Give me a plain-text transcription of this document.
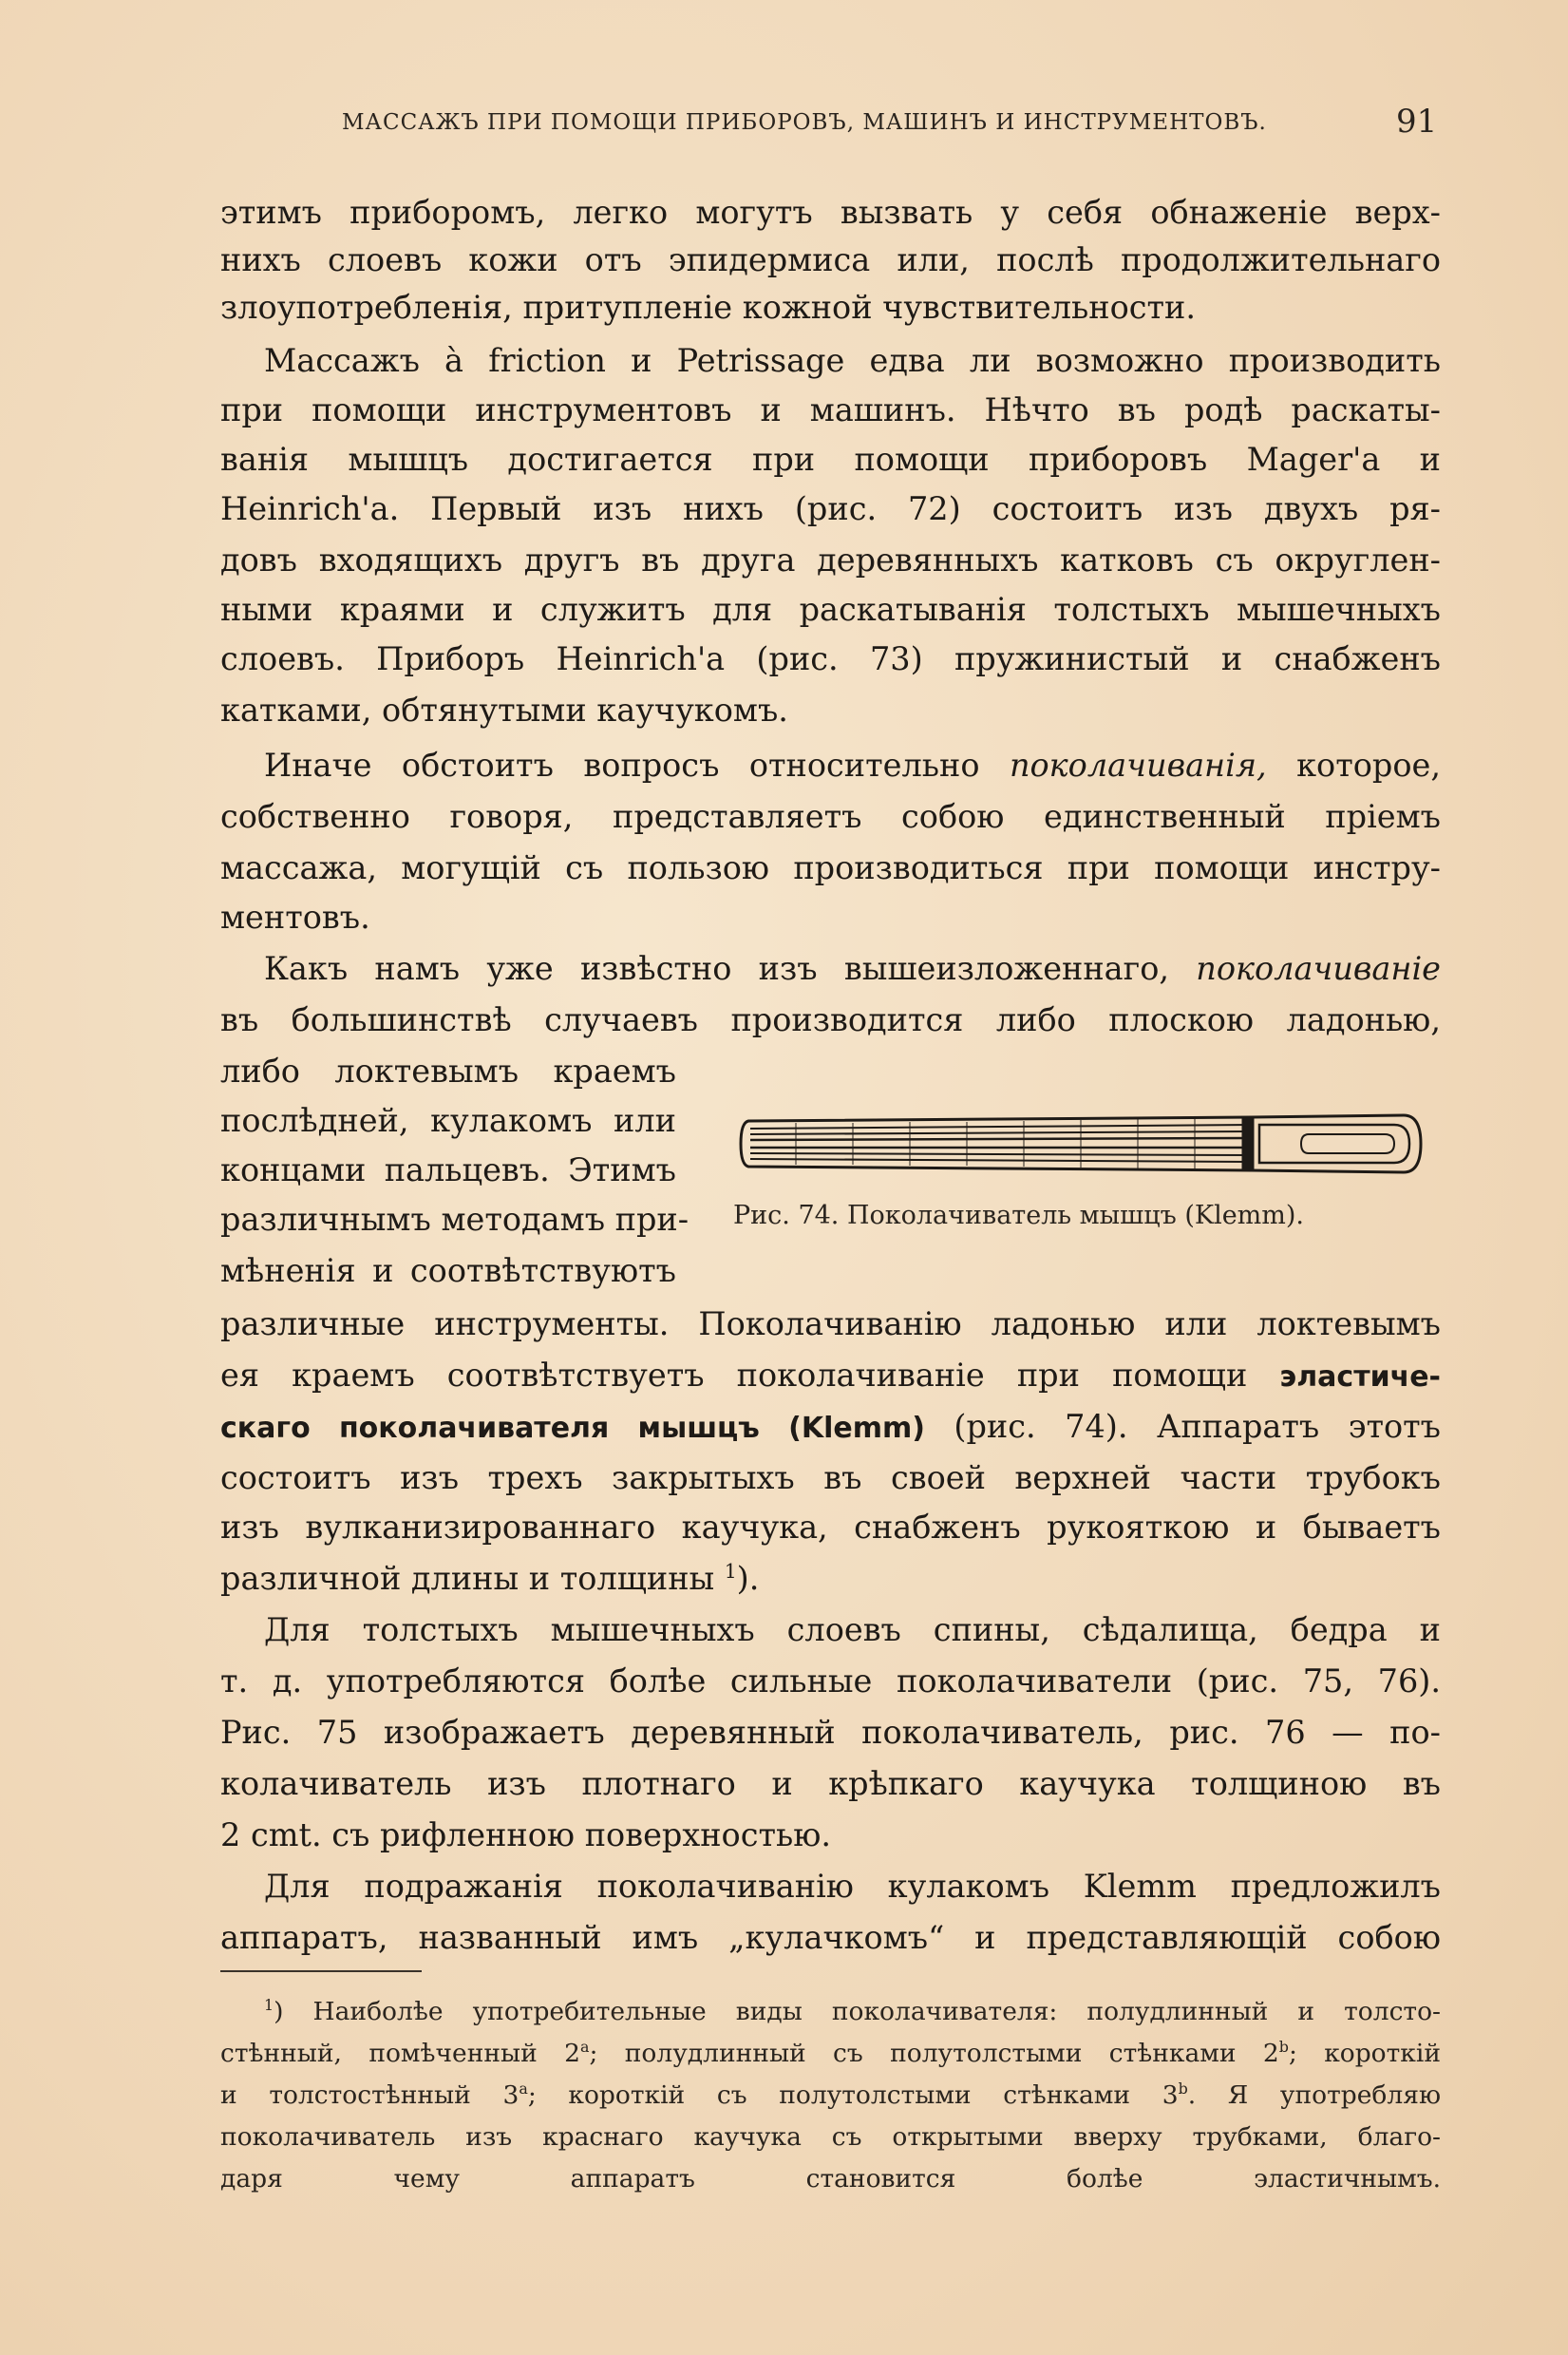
МАССАЖЪ ПРИ ПОМОЩИ ПРИБОРОВЪ, МАШИНЪ И ИНСТРУМЕНТОВЪ.	91
этимъ приборомъ, легко могутъ вызвать у себя обнаженіе верх-
нихъ слоевъ кожи отъ эпидермиса или, послѣ продолжительнаго
злоупотребленія, притупленіе кожной чувствительности.
Массажъ à friction и Petrissage едва ли возможно производить
при помощи инструментовъ и машинъ. Нѣчто въ родѣ раскаты-
ванія мышцъ достигается при помощи приборовъ Mager'a и
Heinrich'a. Первый изъ нихъ (рис. 72) состоитъ изъ двухъ ря-
довъ входящихъ другъ въ друга деревянныхъ катковъ съ округлен-
ными краями и служитъ для раскатыванія толстыхъ мышечныхъ
слоевъ. Приборъ Heinrich'a (рис. 73) пружинистый и снабженъ
катками, обтянутыми каучукомъ.
Иначе обстоитъ вопросъ относительно поколачиванія, которое,
собственно говоря, представляетъ собою единственный пріемъ
массажа, могущій съ пользою производиться при помощи инстру-
ментовъ.
Какъ намъ уже извѣстно изъ вышеизложеннаго, поколачиваніе
въ большинствѣ случаевъ производится либо плоскою ладонью,
либо локтевымъ краемъ
послѣдней, кулакомъ или
концами пальцевъ. Этимъ
различнымъ методамъ при-
мѣненія и соотвѣтствуютъ
Рис. 74. Поколачиватель мышцъ (Klemm).
различные инструменты. Поколачиванію ладонью или локтевымъ
ея краемъ соотвѣтствуетъ поколачиваніе при помощи эластиче-
скаго поколачивателя мышцъ (Klemm) (рис. 74). Аппаратъ этотъ
состоитъ изъ трехъ закрытыхъ въ своей верхней части трубокъ
изъ вулканизированнаго каучука, снабженъ рукояткою и бываетъ
различной длины и толщины $^1$).
Для толстыхъ мышечныхъ слоевъ спины, сѣдалища, бедра и
т. д. употребляются болѣе сильные поколачиватели (рис. 75, 76).
Рис. 75 изображаетъ деревянный поколачиватель, рис. 76 — по-
колачиватель изъ плотнаго и крѣпкаго каучука толщиною въ
2 cmt. съ рифленною поверхностью.
Для подражанія поколачиванію кулакомъ Klemm предложилъ
аппаратъ, названный имъ „кулачкомъ“ и представляющій собою
$^1$) Наиболѣе употребительные виды поколачивателя: полудлинный и толсто-
стѣнный, помѣченный 2$^a$; полудлинный съ полутолстыми стѣнками 2$^b$; короткій
и толстостѣнный 3$^a$; короткій съ полутолстыми стѣнками 3$^b$. Я употребляю
поколачиватель изъ краснаго каучука съ открытыми вверху трубками, благо-
даря чему аппаратъ становится болѣе эластичнымъ.
